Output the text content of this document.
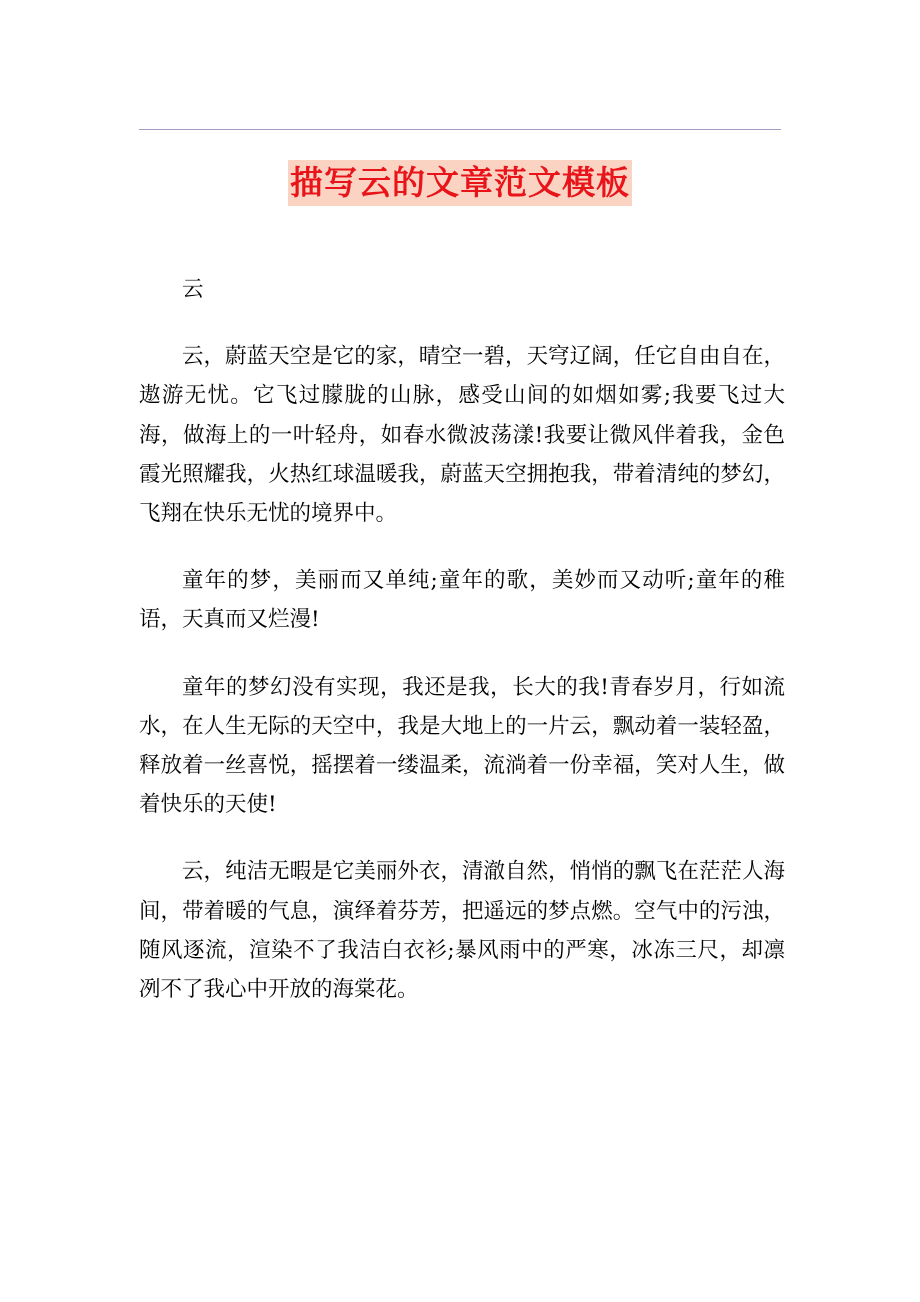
描写云的文章范文模板

云

云，蔚蓝天空是它的家，晴空一碧，天穹辽阔，任它自由自在，遨游无忧。它飞过朦胧的山脉，感受山间的如烟如雾;我要飞过大海，做海上的一叶轻舟，如春水微波荡漾!我要让微风伴着我，金色霞光照耀我，火热红球温暖我，蔚蓝天空拥抱我，带着清纯的梦幻，飞翔在快乐无忧的境界中。

童年的梦，美丽而又单纯;童年的歌，美妙而又动听;童年的稚语，天真而又烂漫!

童年的梦幻没有实现，我还是我，长大的我!青春岁月，行如流水，在人生无际的天空中，我是大地上的一片云，飘动着一装轻盈，释放着一丝喜悦，摇摆着一缕温柔，流淌着一份幸福，笑对人生，做着快乐的天使!

云，纯洁无暇是它美丽外衣，清澈自然，悄悄的飘飞在茫茫人海间，带着暖的气息，演绎着芬芳，把遥远的梦点燃。空气中的污浊，随风逐流，渲染不了我洁白衣衫;暴风雨中的严寒，冰冻三尺，却凛冽不了我心中开放的海棠花。
